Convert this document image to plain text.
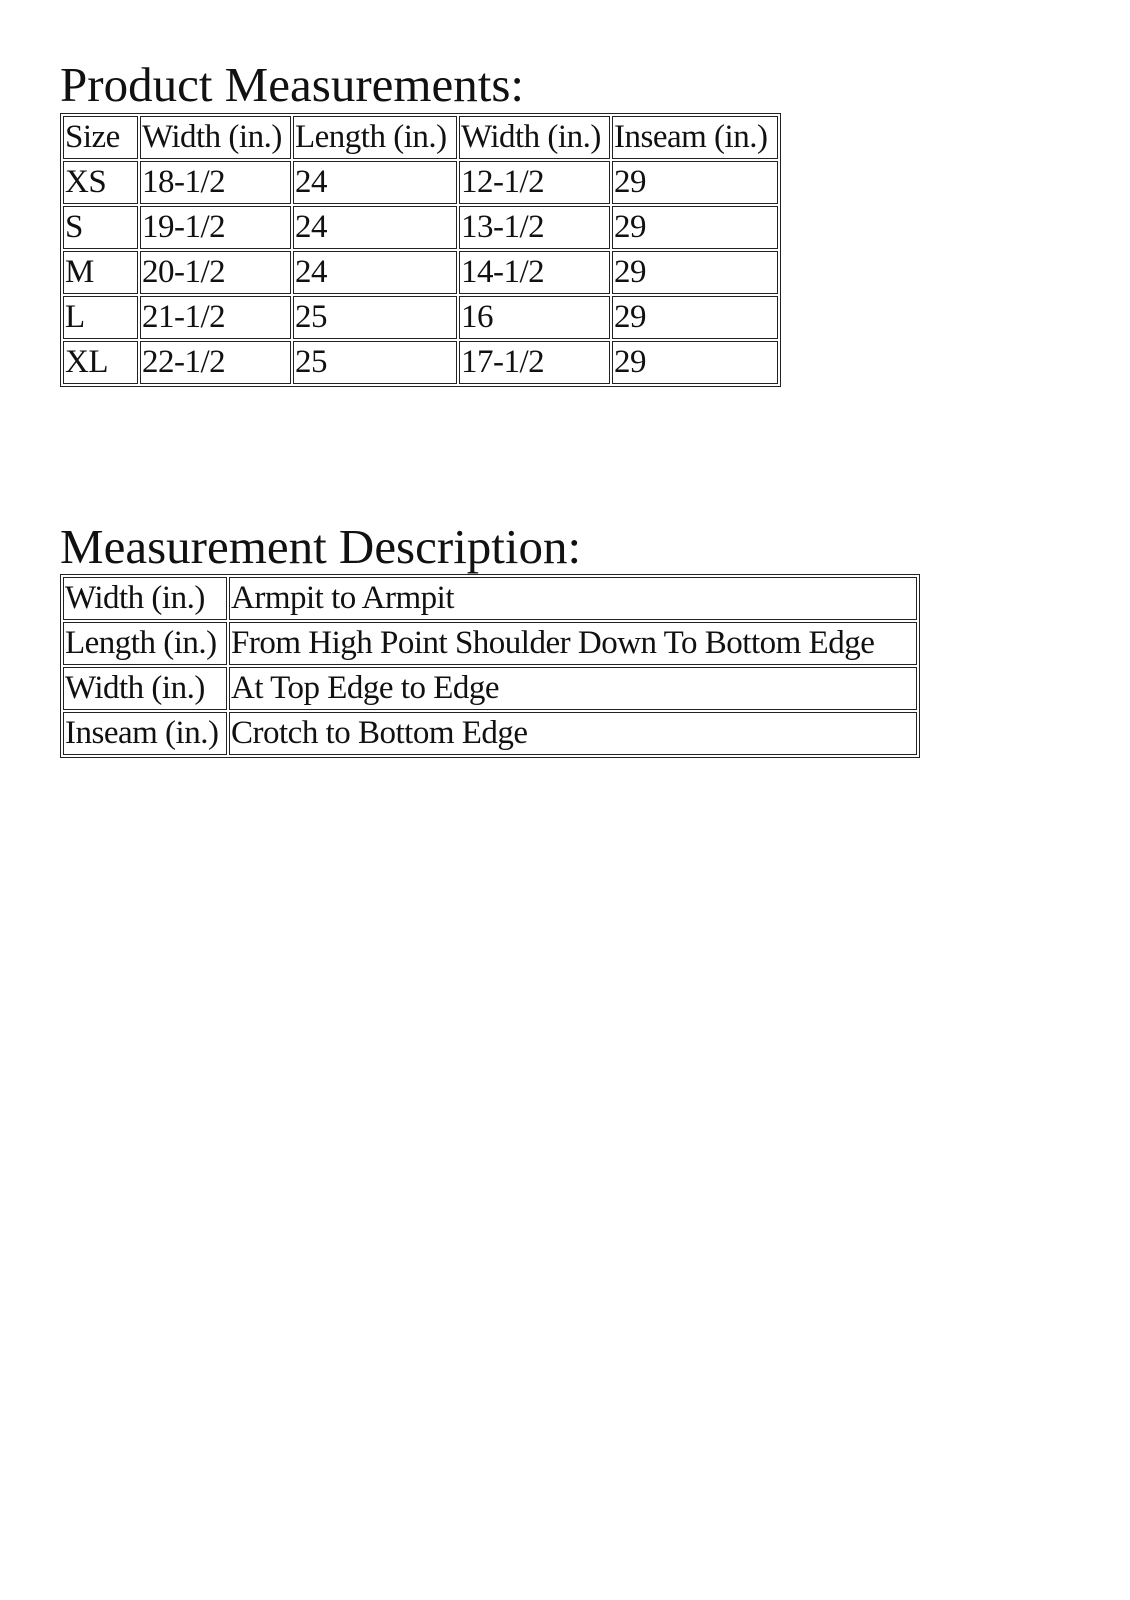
Product Measurements:
Size	Width (in.)	Length (in.)	Width (in.)	Inseam (in.)
XS	18-1/2	24	12-1/2	29
S	19-1/2	24	13-1/2	29
M	20-1/2	24	14-1/2	29
L	21-1/2	25	16	29
XL	22-1/2	25	17-1/2	29
Measurement Description:
Width (in.)	Armpit to Armpit
Length (in.)	From High Point Shoulder Down To Bottom Edge
Width (in.)	At Top Edge to Edge
Inseam (in.)	Crotch to Bottom Edge
